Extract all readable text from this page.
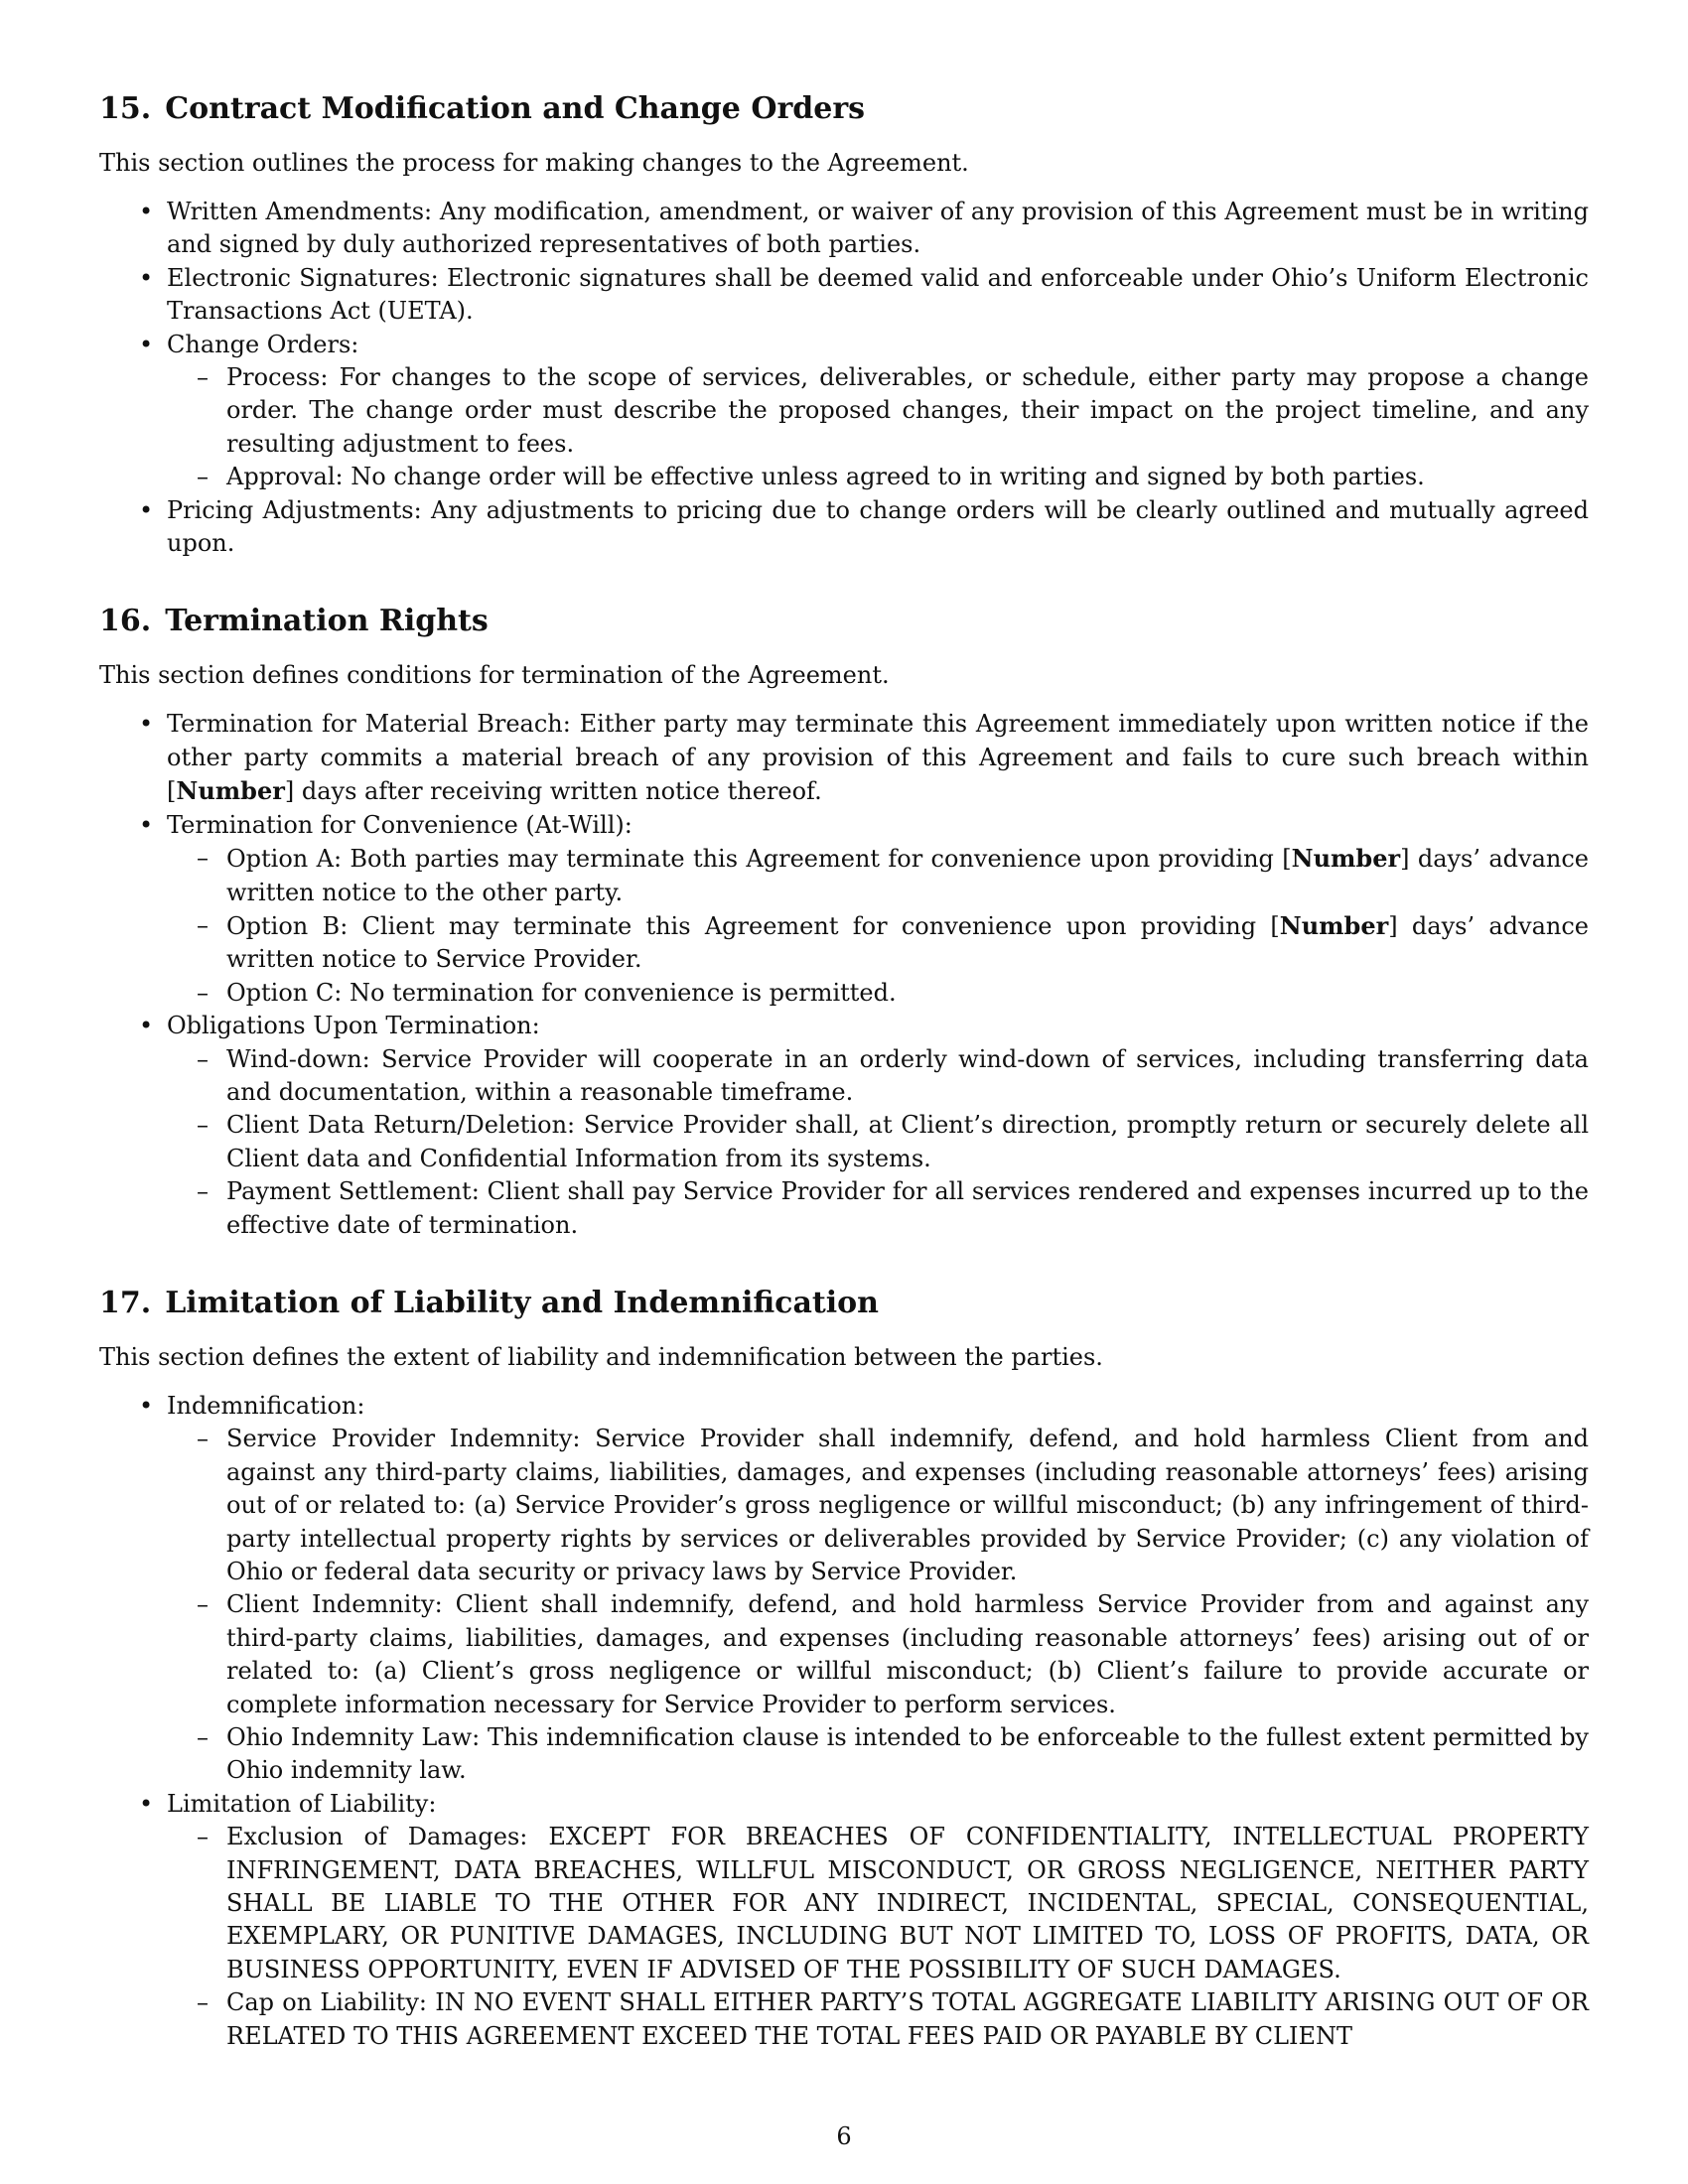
15. Contract Modification and Change Orders

This section outlines the process for making changes to the Agreement.

• Written Amendments: Any modification, amendment, or waiver of any provision of this Agreement must be in writing and signed by duly authorized representatives of both parties.
• Electronic Signatures: Electronic signatures shall be deemed valid and enforceable under Ohio’s Uniform Electronic Transactions Act (UETA).
• Change Orders:
– Process: For changes to the scope of services, deliverables, or schedule, either party may propose a change order. The change order must describe the proposed changes, their impact on the project timeline, and any resulting adjustment to fees.
– Approval: No change order will be effective unless agreed to in writing and signed by both parties.
• Pricing Adjustments: Any adjustments to pricing due to change orders will be clearly outlined and mutually agreed upon.
16. Termination Rights

This section defines conditions for termination of the Agreement.

• Termination for Material Breach: Either party may terminate this Agreement immediately upon written notice if the other party commits a material breach of any provision of this Agreement and fails to cure such breach within [Number] days after receiving written notice thereof.
• Termination for Convenience (At-Will):
– Option A: Both parties may terminate this Agreement for convenience upon providing [Number] days’ advance written notice to the other party.
– Option B: Client may terminate this Agreement for convenience upon providing [Number] days’ advance written notice to Service Provider.
– Option C: No termination for convenience is permitted.
• Obligations Upon Termination:
– Wind-down: Service Provider will cooperate in an orderly wind-down of services, including transferring data and documentation, within a reasonable timeframe.
– Client Data Return/Deletion: Service Provider shall, at Client’s direction, promptly return or securely delete all Client data and Confidential Information from its systems.
– Payment Settlement: Client shall pay Service Provider for all services rendered and expenses incurred up to the effective date of termination.
17. Limitation of Liability and Indemnification

This section defines the extent of liability and indemnification between the parties.

• Indemnification:
– Service Provider Indemnity: Service Provider shall indemnify, defend, and hold harmless Client from and against any third-party claims, liabilities, damages, and expenses (including reasonable attorneys’ fees) arising out of or related to: (a) Service Provider’s gross negligence or willful misconduct; (b) any infringement of third-party intellectual property rights by services or deliverables provided by Service Provider; (c) any violation of Ohio or federal data security or privacy laws by Service Provider.
– Client Indemnity: Client shall indemnify, defend, and hold harmless Service Provider from and against any third-party claims, liabilities, damages, and expenses (including reasonable attorneys’ fees) arising out of or related to: (a) Client’s gross negligence or willful misconduct; (b) Client’s failure to provide accurate or complete information necessary for Service Provider to perform services.
– Ohio Indemnity Law: This indemnification clause is intended to be enforceable to the fullest extent permitted by Ohio indemnity law.
• Limitation of Liability:
– Exclusion of Damages: EXCEPT FOR BREACHES OF CONFIDENTIALITY, INTELLECTUAL PROPERTY INFRINGEMENT, DATA BREACHES, WILLFUL MISCONDUCT, OR GROSS NEGLIGENCE, NEITHER PARTY SHALL BE LIABLE TO THE OTHER FOR ANY INDIRECT, INCIDENTAL, SPECIAL, CONSEQUENTIAL, EXEMPLARY, OR PUNITIVE DAMAGES, INCLUDING BUT NOT LIMITED TO, LOSS OF PROFITS, DATA, OR BUSINESS OPPORTUNITY, EVEN IF ADVISED OF THE POSSIBILITY OF SUCH DAMAGES.
– Cap on Liability: IN NO EVENT SHALL EITHER PARTY’S TOTAL AGGREGATE LIABILITY ARISING OUT OF OR RELATED TO THIS AGREEMENT EXCEED THE TOTAL FEES PAID OR PAYABLE BY CLIENT
6
